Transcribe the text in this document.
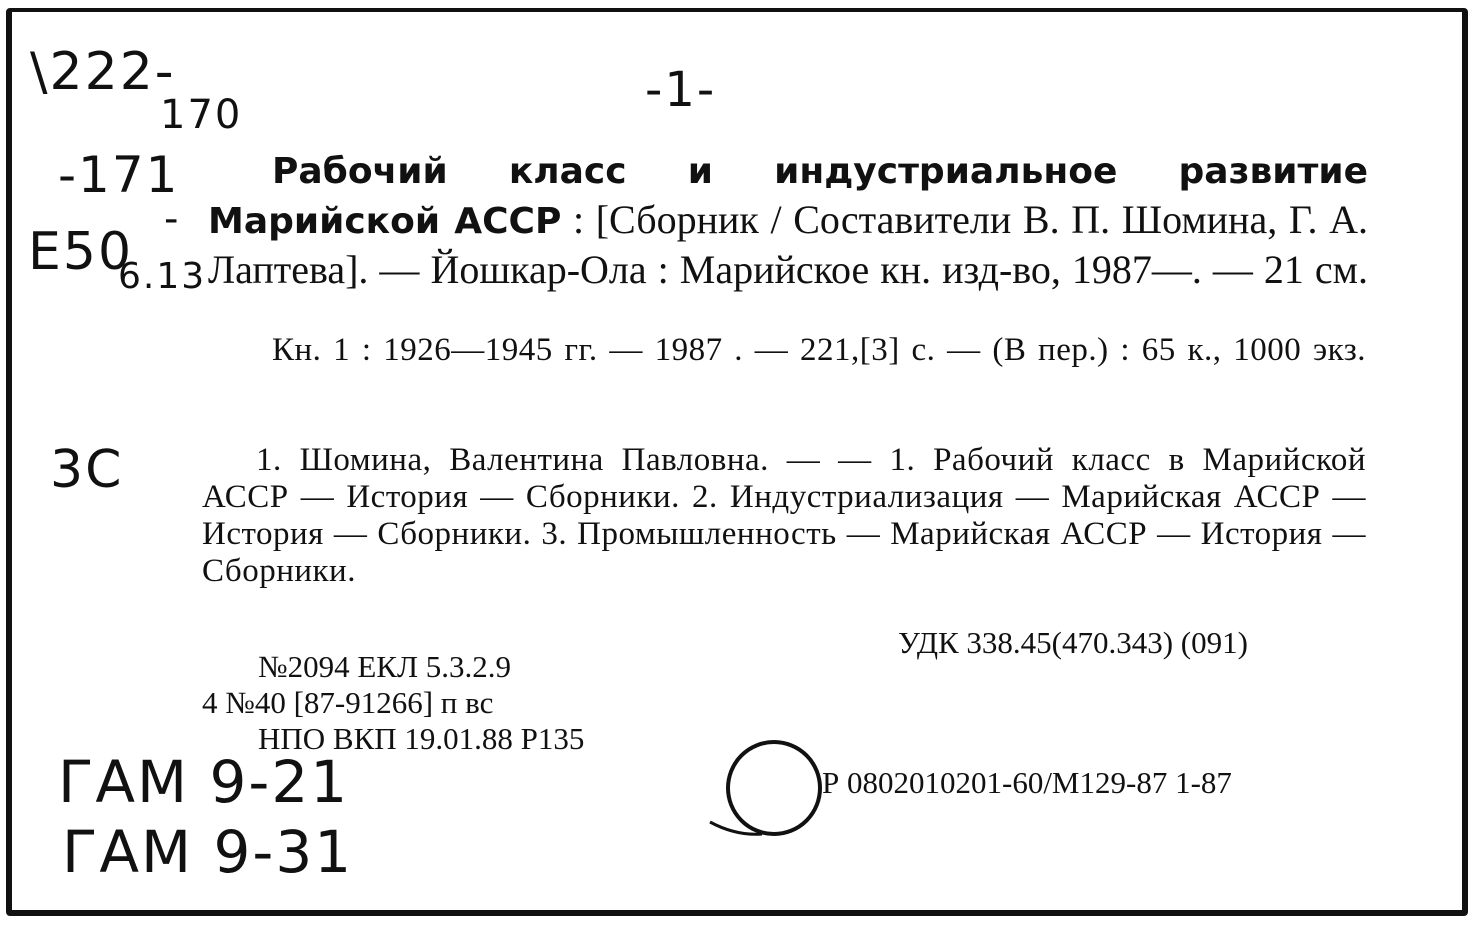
\222-
170
-171
-1-
E50
-
6.13
3C
ГАМ 9-21
ГАМ 9-31
Рабочий класс и индустриальное развитие Марийской АССР : [Сборник / Составители В. П. Шомина, Г. А. Лаптева]. — Йошкар-Ола : Марийское кн. изд-во, 1987—. — 21 см.
Кн. 1 : 1926—1945 гг. — 1987 . — 221,[3] с. — (В пер.) : 65 к., 1000 экз.
1. Шомина, Валентина Павловна. — — 1. Рабочий класс в Марийской АССР — История — Сборники. 2. Индустриализация — Марийская АССР — История — Сборники. 3. Промышленность — Марийская АССР — История — Сборники.
УДК 338.45(470.343) (091)
№2094 ЕКЛ 5.3.2.9
4 №40 [87-91266] п вс
НПО ВКП 19.01.88 Р135
Р 0802010201-60/М129-87 1-87
